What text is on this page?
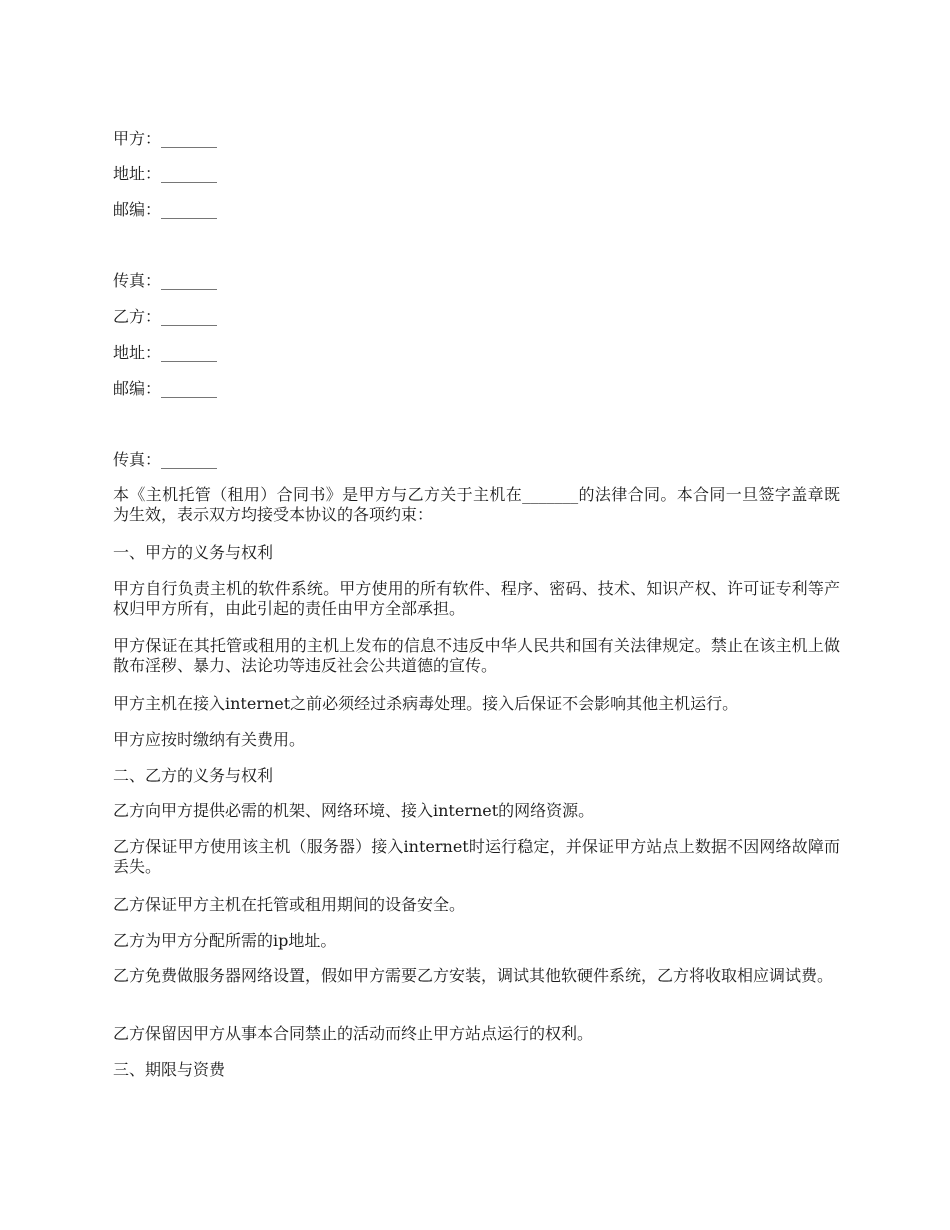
甲方：_______
地址：_______
邮编：_______
传真：_______
乙方：_______
地址：_______
邮编：_______
传真：_______
本《主机托管（租用）合同书》是甲方与乙方关于主机在_______的法律合同。本合同一旦签字盖章既为生效，表示双方均接受本协议的各项约束：
一、甲方的义务与权利
甲方自行负责主机的软件系统。甲方使用的所有软件、程序、密码、技术、知识产权、许可证专利等产权归甲方所有，由此引起的责任由甲方全部承担。
甲方保证在其托管或租用的主机上发布的信息不违反中华人民共和国有关法律规定。禁止在该主机上做散布淫秽、暴力、法论功等违反社会公共道德的宣传。
甲方主机在接入internet之前必须经过杀病毒处理。接入后保证不会影响其他主机运行。
甲方应按时缴纳有关费用。
二、乙方的义务与权利
乙方向甲方提供必需的机架、网络环境、接入internet的网络资源。
乙方保证甲方使用该主机（服务器）接入internet时运行稳定，并保证甲方站点上数据不因网络故障而丢失。
乙方保证甲方主机在托管或租用期间的设备安全。
乙方为甲方分配所需的ip地址。
乙方免费做服务器网络设置，假如甲方需要乙方安装，调试其他软硬件系统，乙方将收取相应调试费。
乙方保留因甲方从事本合同禁止的活动而终止甲方站点运行的权利。
三、期限与资费
